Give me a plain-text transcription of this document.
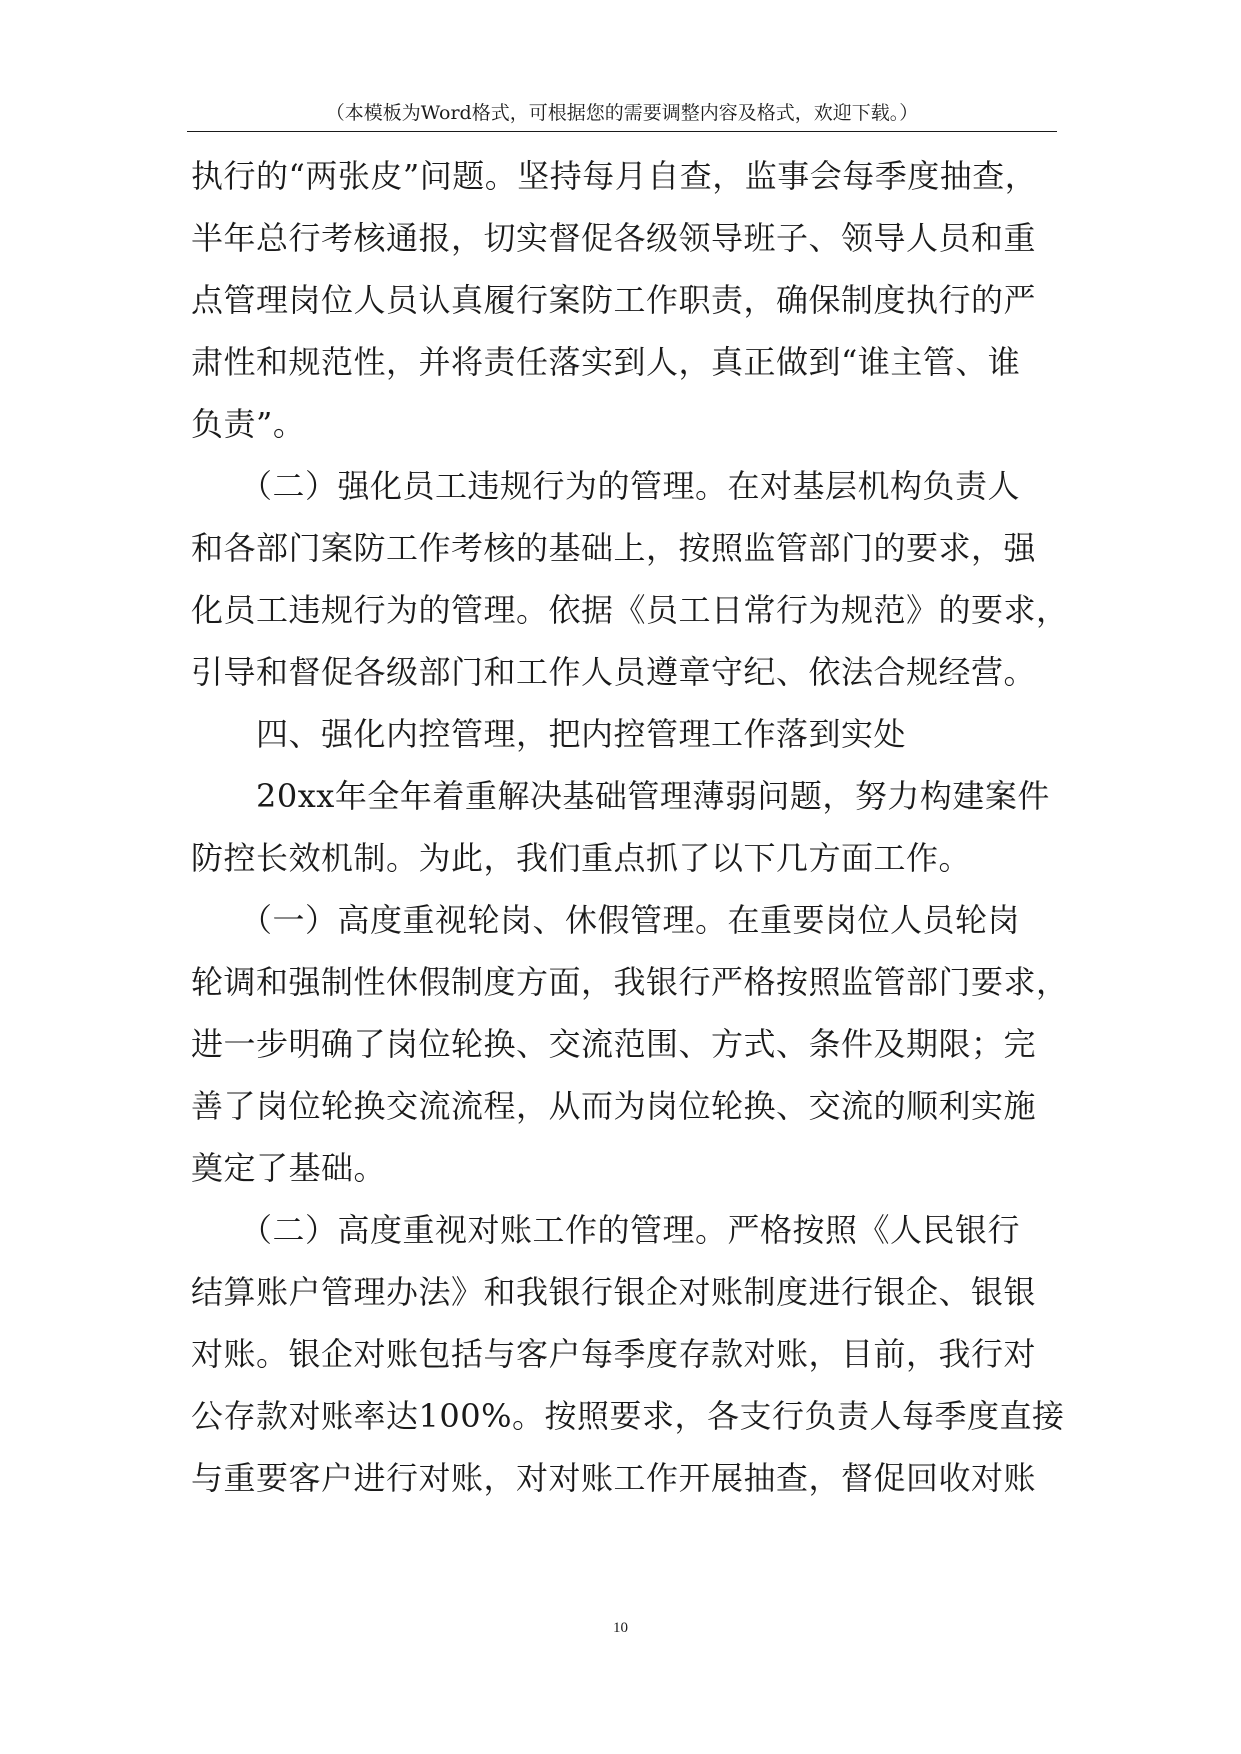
（本模板为Word格式，可根据您的需要调整内容及格式，欢迎下载。）
执行的“两张皮”问题。坚持每月自查，监事会每季度抽查，
半年总行考核通报，切实督促各级领导班子、领导人员和重
点管理岗位人员认真履行案防工作职责，确保制度执行的严
肃性和规范性，并将责任落实到人，真正做到“谁主管、谁
负责”。
　　（二）强化员工违规行为的管理。在对基层机构负责人
和各部门案防工作考核的基础上，按照监管部门的要求，强
化员工违规行为的管理。依据《员工日常行为规范》的要求，
引导和督促各级部门和工作人员遵章守纪、依法合规经营。
　　四、强化内控管理，把内控管理工作落到实处
　　20xx年全年着重解决基础管理薄弱问题，努力构建案件
防控长效机制。为此，我们重点抓了以下几方面工作。
　　（一）高度重视轮岗、休假管理。在重要岗位人员轮岗
轮调和强制性休假制度方面，我银行严格按照监管部门要求，
进一步明确了岗位轮换、交流范围、方式、条件及期限；完
善了岗位轮换交流流程，从而为岗位轮换、交流的顺利实施
奠定了基础。
　　（二）高度重视对账工作的管理。严格按照《人民银行
结算账户管理办法》和我银行银企对账制度进行银企、银银
对账。银企对账包括与客户每季度存款对账，目前，我行对
公存款对账率达100%。按照要求，各支行负责人每季度直接
与重要客户进行对账，对对账工作开展抽查，督促回收对账
10
